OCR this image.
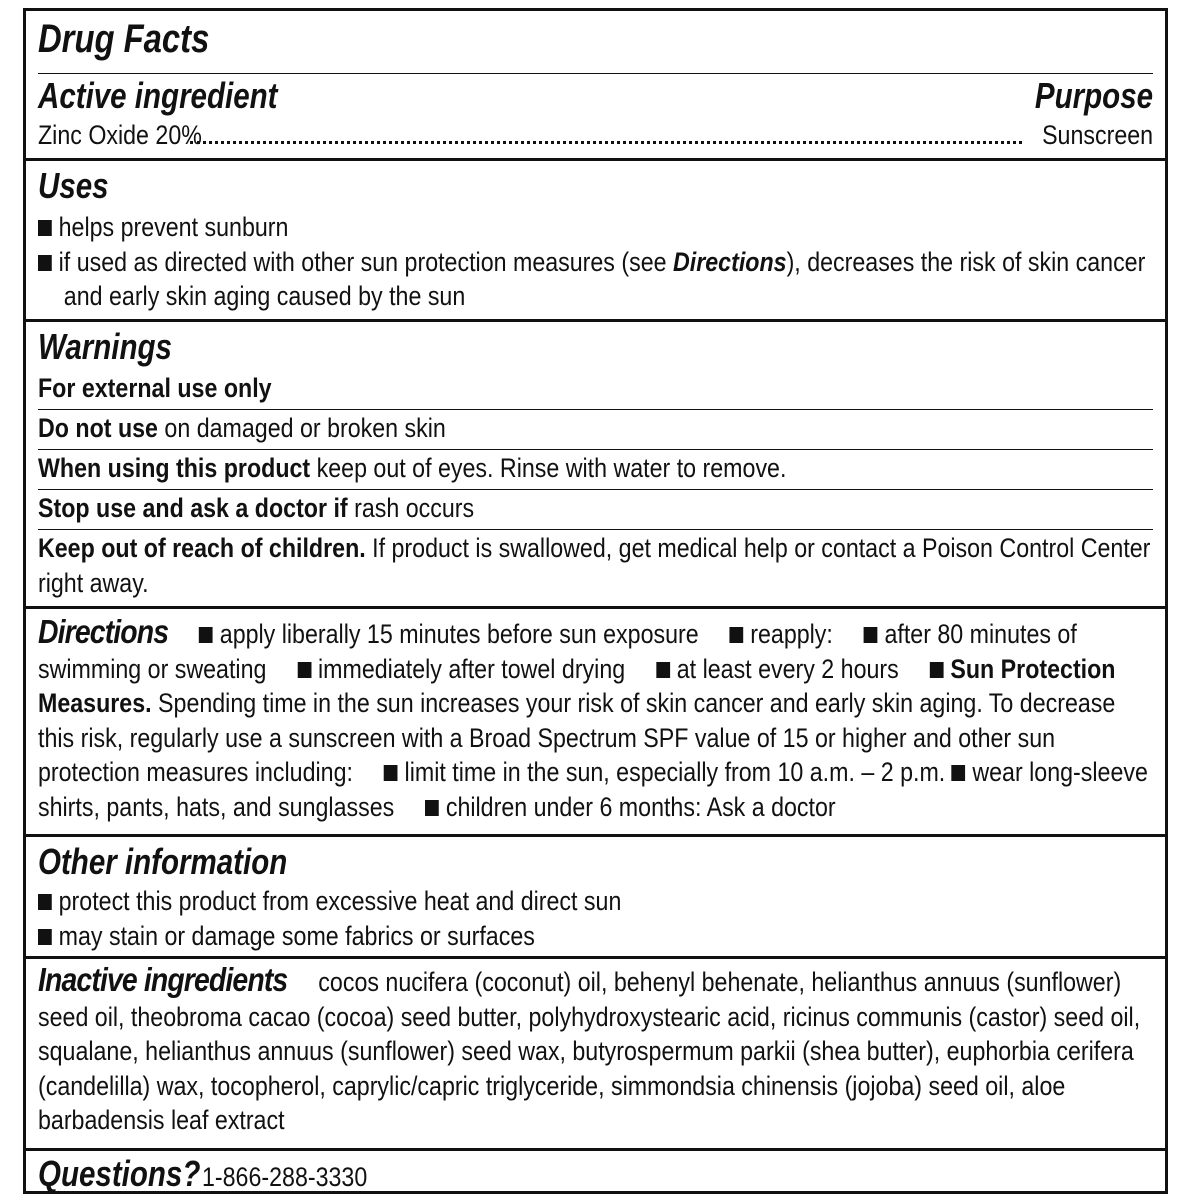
Drug Facts
Active ingredient	Purpose
Zinc Oxide 20%	Sunscreen
Uses
helps prevent sunburn
if used as directed with other sun protection measures (see Directions), decreases the risk of skin cancer and early skin aging caused by the sun
Warnings
For external use only
Do not use on damaged or broken skin
When using this product keep out of eyes. Rinse with water to remove.
Stop use and ask a doctor if rash occurs
Keep out of reach of children. If product is swallowed, get medical help or contact a Poison Control Center right away.
Directions apply liberally 15 minutes before sun exposure reapply: after 80 minutes of swimming or sweating immediately after towel drying at least every 2 hours Sun Protection Measures. Spending time in the sun increases your risk of skin cancer and early skin aging. To decrease this risk, regularly use a sunscreen with a Broad Spectrum SPF value of 15 or higher and other sun protection measures including: limit time in the sun, especially from 10 a.m. – 2 p.m. wear long-sleeve shirts, pants, hats, and sunglasses children under 6 months: Ask a doctor
Other information
protect this product from excessive heat and direct sun
may stain or damage some fabrics or surfaces
Inactive ingredients cocos nucifera (coconut) oil, behenyl behenate, helianthus annuus (sunflower) seed oil, theobroma cacao (cocoa) seed butter, polyhydroxystearic acid, ricinus communis (castor) seed oil, squalane, helianthus annuus (sunflower) seed wax, butyrospermum parkii (shea butter), euphorbia cerifera (candelilla) wax, tocopherol, caprylic/capric triglyceride, simmondsia chinensis (jojoba) seed oil, aloe barbadensis leaf extract
Questions? 1-866-288-3330
